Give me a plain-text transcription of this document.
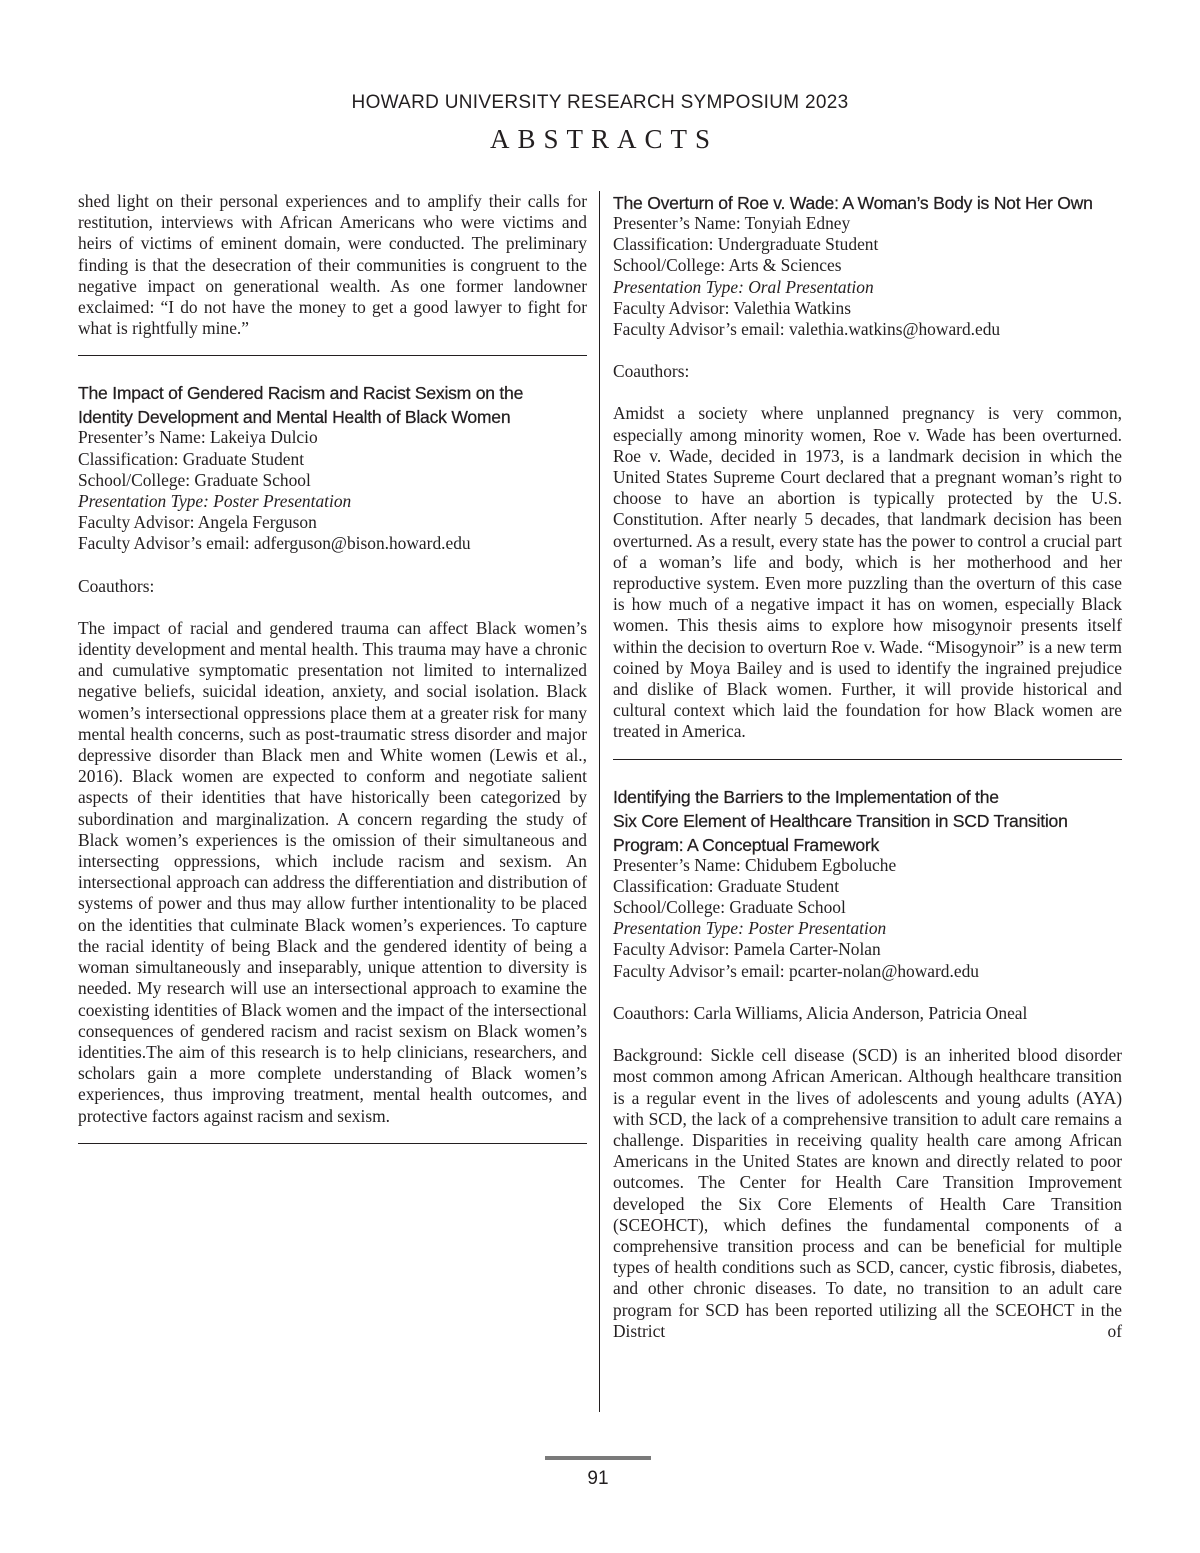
HOWARD UNIVERSITY RESEARCH SYMPOSIUM 2023
ABSTRACTS

shed light on their personal experiences and to amplify their calls for restitution, interviews with African Americans who were victims and heirs of victims of eminent domain, were conducted. The preliminary finding is that the desecration of their communities is congruent to the negative impact on generational wealth. As one former landowner exclaimed: “I do not have the money to get a good lawyer to fight for what is rightfully mine.”

The Impact of Gendered Racism and Racist Sexism on the
Identity Development and Mental Health of Black Women
Presenter’s Name: Lakeiya Dulcio
Classification: Graduate Student
School/College: Graduate School
Presentation Type: Poster Presentation
Faculty Advisor: Angela Ferguson
Faculty Advisor’s email: adferguson@bison.howard.edu
Coauthors:

The impact of racial and gendered trauma can affect Black women’s identity development and mental health. This trauma may have a chronic and cumulative symptomatic presentation not limited to internalized negative beliefs, suicidal ideation, anxiety, and social isolation. Black women’s intersectional oppressions place them at a greater risk for many mental health concerns, such as post-traumatic stress disorder and major depressive disorder than Black men and White women (Lewis et al., 2016). Black women are expected to conform and negotiate salient aspects of their identities that have historically been categorized by subordination and marginalization. A concern regarding the study of Black women’s experiences is the omission of their simultaneous and intersecting oppressions, which include racism and sexism. An intersectional approach can address the differentiation and distribution of systems of power and thus may allow further intentionality to be placed on the identities that culminate Black women’s experiences. To capture the racial identity of being Black and the gendered identity of being a woman simultaneously and inseparably, unique attention to diversity is needed. My research will use an intersectional approach to examine the coexisting identities of Black women and the impact of the intersectional consequences of gendered racism and racist sexism on Black women’s identities.The aim of this research is to help clinicians, researchers, and scholars gain a more complete understanding of Black women’s experiences, thus improving treatment, mental health outcomes, and protective factors against racism and sexism.

The Overturn of Roe v. Wade: A Woman’s Body is Not Her Own
Presenter’s Name: Tonyiah Edney
Classification: Undergraduate Student
School/College: Arts & Sciences
Presentation Type: Oral Presentation
Faculty Advisor: Valethia Watkins
Faculty Advisor’s email: valethia.watkins@howard.edu
Coauthors:

Amidst a society where unplanned pregnancy is very common, especially among minority women, Roe v. Wade has been overturned. Roe v. Wade, decided in 1973, is a landmark decision in which the United States Supreme Court declared that a pregnant woman’s right to choose to have an abortion is typically protected by the U.S. Constitution. After nearly 5 decades, that landmark decision has been overturned. As a result, every state has the power to control a crucial part of a woman’s life and body, which is her motherhood and her reproductive system. Even more puzzling than the overturn of this case is how much of a negative impact it has on women, especially Black women. This thesis aims to explore how misogynoir presents itself within the decision to overturn Roe v. Wade. “Misogynoir” is a new term coined by Moya Bailey and is used to identify the ingrained prejudice and dislike of Black women. Further, it will provide historical and cultural context which laid the foundation for how Black women are treated in America.

Identifying the Barriers to the Implementation of the
Six Core Element of Healthcare Transition in SCD Transition
Program: A Conceptual Framework
Presenter’s Name: Chidubem Egboluche
Classification: Graduate Student
School/College: Graduate School
Presentation Type: Poster Presentation
Faculty Advisor: Pamela Carter-Nolan
Faculty Advisor’s email: pcarter-nolan@howard.edu
Coauthors: Carla Williams, Alicia Anderson, Patricia Oneal

Background: Sickle cell disease (SCD) is an inherited blood disorder most common among African American. Although healthcare transition is a regular event in the lives of adolescents and young adults (AYA) with SCD, the lack of a comprehensive transition to adult care remains a challenge. Disparities in receiving quality health care among African Americans in the United States are known and directly related to poor outcomes. The Center for Health Care Transition Improvement developed the Six Core Elements of Health Care Transition (SCEOHCT), which defines the fundamental components of a comprehensive transition process and can be beneficial for multiple types of health conditions such as SCD, cancer, cystic fibrosis, diabetes, and other chronic diseases. To date, no transition to an adult care program for SCD has been reported utilizing all the SCEOHCT in the District of

91
